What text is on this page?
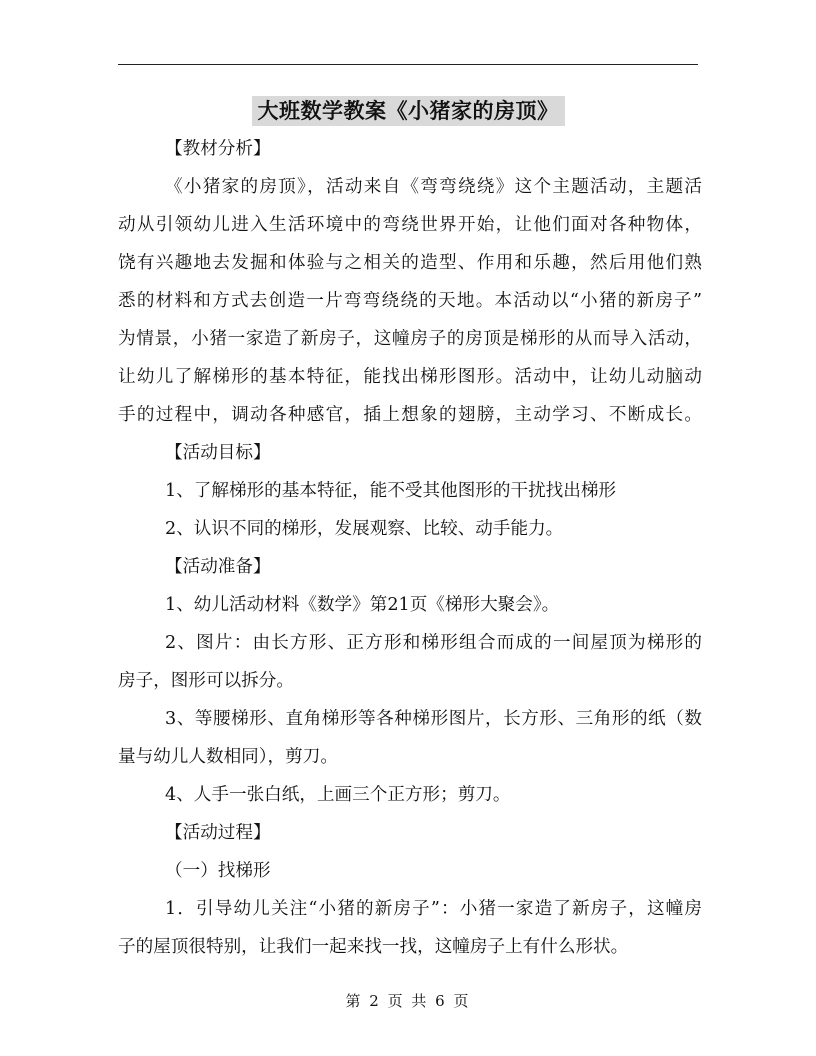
大班数学教案《小猪家的房顶》

【教材分析】

《小猪家的房顶》，活动来自《弯弯绕绕》这个主题活动，主题活

动从引领幼儿进入生活环境中的弯绕世界开始，让他们面对各种物体，

饶有兴趣地去发掘和体验与之相关的造型、作用和乐趣，然后用他们熟

悉的材料和方式去创造一片弯弯绕绕的天地。本活动以“小猪的新房子”

为情景，小猪一家造了新房子，这幢房子的房顶是梯形的从而导入活动，

让幼儿了解梯形的基本特征，能找出梯形图形。活动中，让幼儿动脑动

手的过程中，调动各种感官，插上想象的翅膀，主动学习、不断成长。

【活动目标】

1、了解梯形的基本特征，能不受其他图形的干扰找出梯形

2、认识不同的梯形，发展观察、比较、动手能力。

【活动准备】

1、幼儿活动材料《数学》第21页《梯形大聚会》。

2、图片：由长方形、正方形和梯形组合而成的一间屋顶为梯形的

房子，图形可以拆分。

3、等腰梯形、直角梯形等各种梯形图片，长方形、三角形的纸（数

量与幼儿人数相同），剪刀。

4、人手一张白纸，上画三个正方形；剪刀。

【活动过程】

（一）找梯形

1．引导幼儿关注“小猪的新房子”：小猪一家造了新房子，这幢房

子的屋顶很特别，让我们一起来找一找，这幢房子上有什么形状。

第 2 页 共 6 页
